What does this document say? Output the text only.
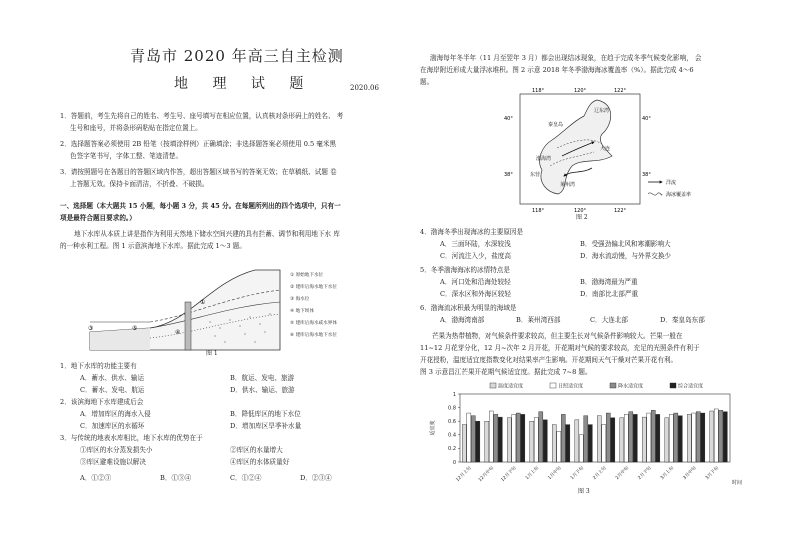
青岛市 2020 年高三自主检测
地 理 试 题	2020.06
1．答题前，考生先将自己的姓名、考生号、座号填写在相应位置，认真核对条形码上的姓名、 考
生号和座号，并将条形码粘贴在指定位置上。
2．选择题答案必须使用 2B 铅笔（按填涂样例）正确填涂；非选择题答案必须使用 0.5 毫米黑
色签字笔书写，字体工整、笔迹清楚。
3．请按照题号在各题目的答题区域内作答，超出答题区域书写的答案无效；在草稿纸、试题 卷
上答题无效。保持卡面清洁，不折叠、不破损。
一、选择题（本大题共 15 小题，每小题 3 分，共 45 分。在每题所列出的四个选项中，只有一
项是最符合题目要求的。）
地下水库从本质上讲是指作为利用天然地下储水空间兴建的具有拦蓄、调节和利用地下水 库
的一种水利工程。图 1 示意滨海地下水库。据此完成 1～3 题。
③	⑤
④
①
① 原始地下水位
② 建库后海水地下水位
③ 海水位
④ 地下坝体
⑤ 建库后海水咸水界体
⑥ 建库后海水地下水位
图 1
1．地下水库的功能主要有
A．蓄水、供水、输运	B．航运、发电、旅游
C．蓄水、发电、航运	D．供水、输运、旅游
2．该滨海地下水库建成后会
A．增加库区的海水入侵	B．降低库区的地下水位
C．加速库区的水循环	D．增加库区旱季补水量
3．与传统的地表水库相比，地下水库的优势在于
①库区的水分蒸发损失小	②库区的水量增大
③库区避难设施以解决	④库区的水体质量好
A．①②③	B．①③④	C．①②④	D．②③④
渤海每年冬半年（11 月至翌年 3 月）都会出现结冰现象，在趋于完成冬季气候变化影响， 会
在海岸附近形成大量浮冰堆积。图 2 示意 2018 年冬季渤海海冰覆盖率（%）。据此完成 4～6
题。
118°	120°	122°
118°	120°	122°
40°
38°
40°
38°
秦皇岛
辽东湾
大连
渤海湾
东营
莱州湾	洋流
海冰覆盖率
图 2
4．渤海冬季出现海冰的主要原因是
A．三面环陆，水深较浅	B．受强劲偏北风和寒潮影响大
C．河流注入少，盐度高	D．海水流动慢，与外界交换少
5．冬季渤海海冰的冰情特点是
A．河口处和沿海处较轻	B．渤海湾最为严重
C．深水区和外海区较轻	D．南部比北部严重
6．渤海流冰积最为明显的海域是
A．渤海湾南部	B．莱州湾西部	C．大连北部	D．秦皇岛东部
芒果为热带植物，对气候条件要求较高，但主要生长对气候条件影响较大。芒果一般在
11~12 月花芽分化，12 月~次年 2 月开花，开花期对气候的要求较高，充足的光照条件有利于
开花授粉，温度适宜度指数变化对结果率产生影响。开花期间天气干燥对芒果开花有利。
图 3 示意昌江芒果开花期气候适宜度。据此完成 7~8 题。
0
0.2
0.4
0.6
0.8
1
适宜度
时间
12月上旬	12月中旬	12月下旬	1月上旬	1月中旬	1月下旬	2月上旬	2月中旬	2月下旬	3月上旬	3月中旬	3月下旬
温度适宜度	日照适宜度	降水适宜度	综合适宜度
图 3
